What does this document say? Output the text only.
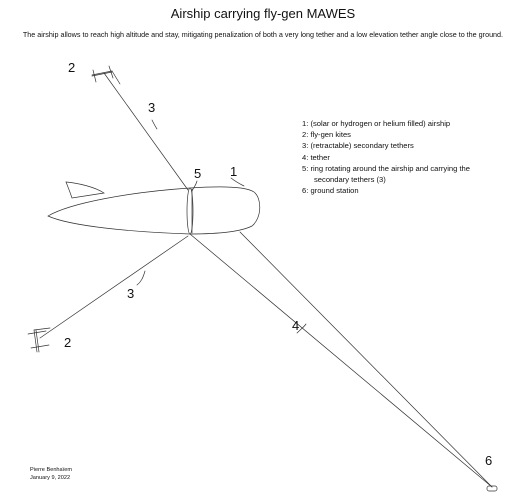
Airship carrying fly-gen MAWES
The airship allows to reach high altitude and stay, mitigating penalization of both a very long tether and a low elevation tether angle close to the ground.
1
2
3
5
3
2
4
6
1: (solar or hydrogen or helium filled) airship
2: fly-gen kites
3: (retractable) secondary tethers
4: tether
5: ring rotating around the airship and carrying the
secondary tethers (3)
6: ground station
Pierre Benhaïem
January 9, 2022
